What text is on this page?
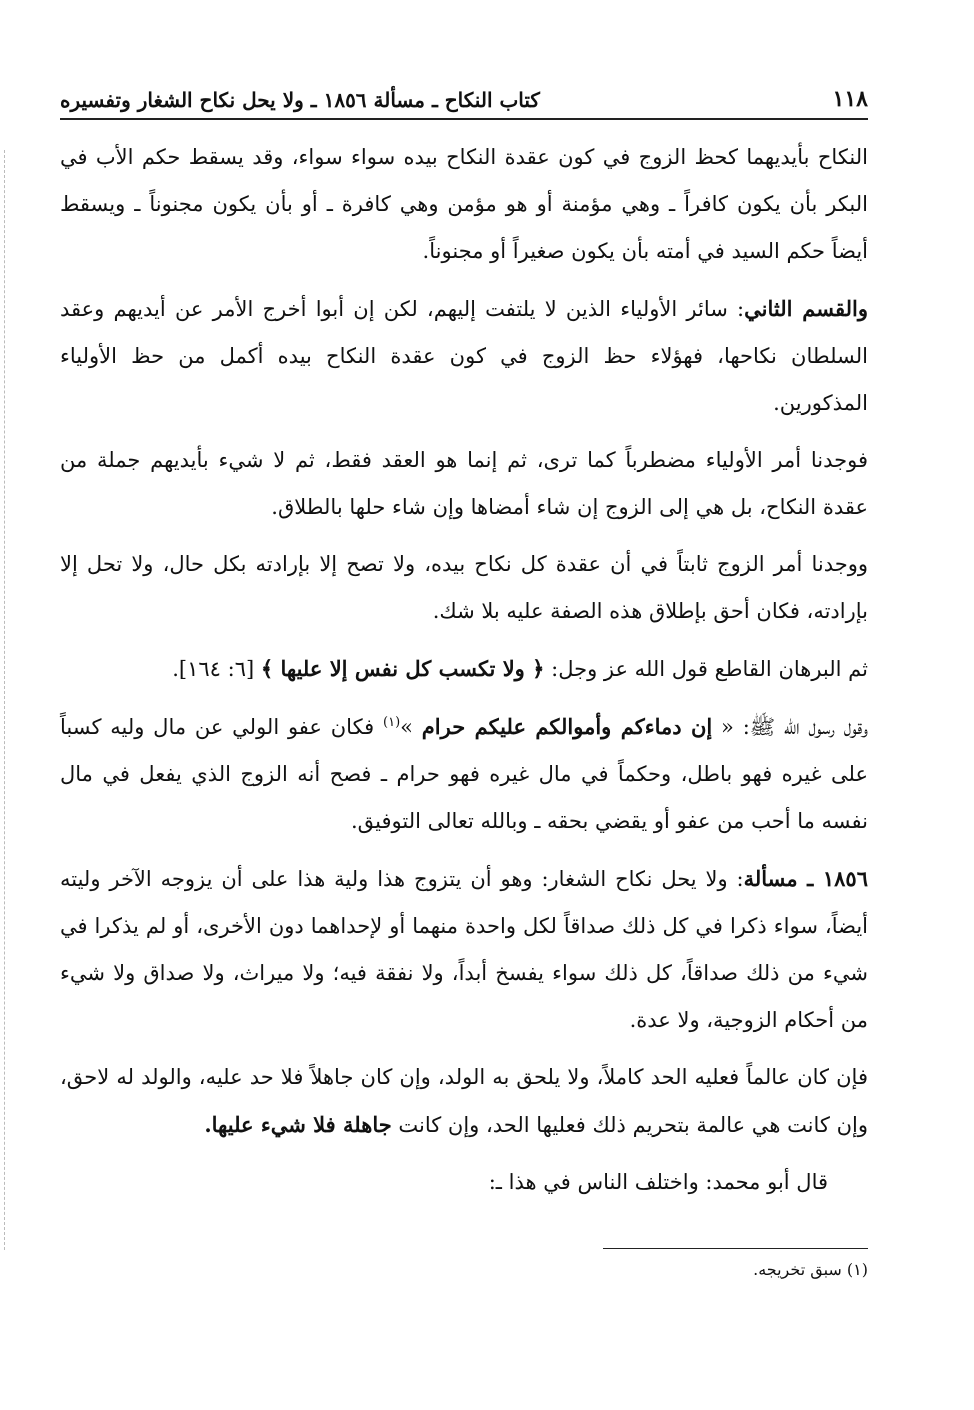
١١٨
كتاب النكاح ـ مسألة ١٨٥٦ ـ ولا يحل نكاح الشغار وتفسيره

النكاح بأيديهما كحظ الزوج في كون عقدة النكاح بيده سواء سواء، وقد يسقط حكم الأب في البكر بأن يكون كافراً ـ وهي مؤمنة أو هو مؤمن وهي كافرة ـ أو بأن يكون مجنوناً ـ ويسقط أيضاً حكم السيد في أمته بأن يكون صغيراً أو مجنوناً.

والقسم الثاني: سائر الأولياء الذين لا يلتفت إليهم، لكن إن أبوا أخرج الأمر عن أيديهم وعقد السلطان نكاحها، فهؤلاء حظ الزوج في كون عقدة النكاح بيده أكمل من حظ الأولياء المذكورين.

فوجدنا أمر الأولياء مضطرباً كما ترى، ثم إنما هو العقد فقط، ثم لا شيء بأيديهم جملة من عقدة النكاح، بل هي إلى الزوج إن شاء أمضاها وإن شاء حلها بالطلاق.

ووجدنا أمر الزوج ثابتاً في أن عقدة كل نكاح بيده، ولا تصح إلا بإرادته بكل حال، ولا تحل إلا بإرادته، فكان أحق بإطلاق هذه الصفة عليه بلا شك.

ثم البرهان القاطع قول الله عز وجل: ﴿ ولا تكسب كل نفس إلا عليها ﴾ [٦: ١٦٤].

وقول رسول الله ﷺ: « إن دماءكم وأموالكم عليكم حرام »$^{(١)}$ فكان عفو الولي عن مال وليه كسباً على غيره فهو باطل، وحكماً في مال غيره فهو حرام ـ فصح أنه الزوج الذي يفعل في مال نفسه ما أحب من عفو أو يقضي بحقه ـ وبالله تعالى التوفيق.

١٨٥٦ ـ مسألة: ولا يحل نكاح الشغار: وهو أن يتزوج هذا ولية هذا على أن يزوجه الآخر وليته أيضاً، سواء ذكرا في كل ذلك صداقاً لكل واحدة منهما أو لإحداهما دون الأخرى، أو لم يذكرا في شيء من ذلك صداقاً، كل ذلك سواء يفسخ أبداً، ولا نفقة فيه؛ ولا ميراث، ولا صداق ولا شيء من أحكام الزوجية، ولا عدة.

فإن كان عالماً فعليه الحد كاملاً، ولا يلحق به الولد، وإن كان جاهلاً فلا حد عليه، والولد له لاحق، وإن كانت هي عالمة بتحريم ذلك فعليها الحد، وإن كانت جاهلة فلا شيء عليها.

قال أبو محمد: واختلف الناس في هذا ـ:

(١) سبق تخريجه.
